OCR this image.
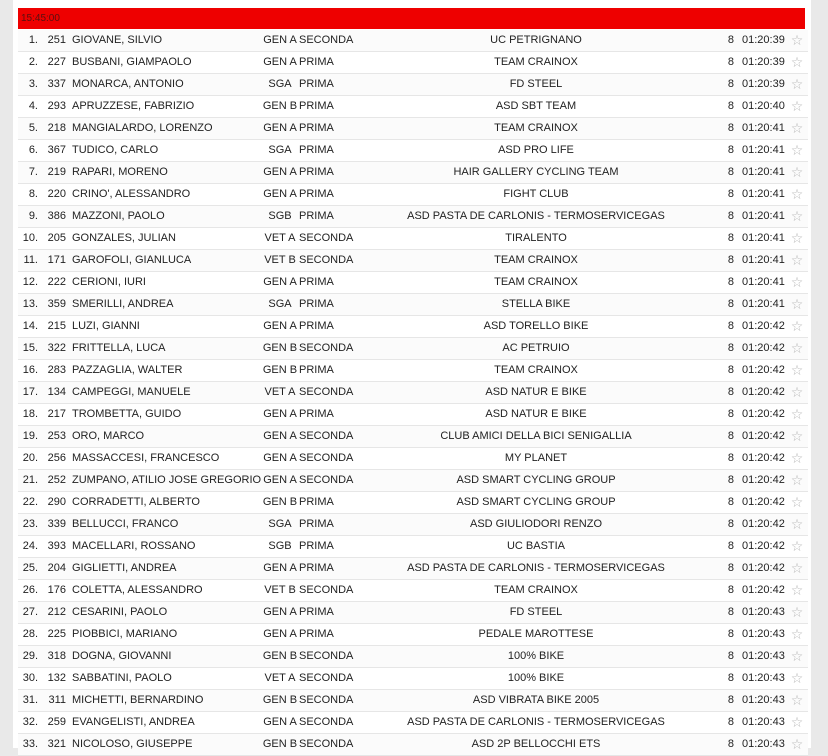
15:45:00
1. 251 GIOVANE, SILVIO	GEN A SECONDA	UC PETRIGNANO	8 01:20:39 ☆
2. 227 BUSBANI, GIAMPAOLO	GEN A PRIMA	TEAM CRAINOX	8 01:20:39 ☆
3. 337 MONARCA, ANTONIO	SGA PRIMA	FD STEEL	8 01:20:39 ☆
4. 293 APRUZZESE, FABRIZIO	GEN B PRIMA	ASD SBT TEAM	8 01:20:40 ☆
5. 218 MANGIALARDO, LORENZO	GEN A PRIMA	TEAM CRAINOX	8 01:20:41 ☆
6. 367 TUDICO, CARLO	SGA PRIMA	ASD PRO LIFE	8 01:20:41 ☆
7. 219 RAPARI, MORENO	GEN A PRIMA	HAIR GALLERY CYCLING TEAM	8 01:20:41 ☆
8. 220 CRINO', ALESSANDRO	GEN A PRIMA	FIGHT CLUB	8 01:20:41 ☆
9. 386 MAZZONI, PAOLO	SGB PRIMA	ASD PASTA DE CARLONIS - TERMOSERVICEGAS	8 01:20:41 ☆
10. 205 GONZALES, JULIAN	VET A SECONDA	TIRALENTO	8 01:20:41 ☆
11. 171 GAROFOLI, GIANLUCA	VET B SECONDA	TEAM CRAINOX	8 01:20:41 ☆
12. 222 CERIONI, IURI	GEN A PRIMA	TEAM CRAINOX	8 01:20:41 ☆
13. 359 SMERILLI, ANDREA	SGA PRIMA	STELLA BIKE	8 01:20:41 ☆
14. 215 LUZI, GIANNI	GEN A PRIMA	ASD TORELLO BIKE	8 01:20:42 ☆
15. 322 FRITTELLA, LUCA	GEN B SECONDA	AC PETRUIO	8 01:20:42 ☆
16. 283 PAZZAGLIA, WALTER	GEN B PRIMA	TEAM CRAINOX	8 01:20:42 ☆
17. 134 CAMPEGGI, MANUELE	VET A SECONDA	ASD NATUR E BIKE	8 01:20:42 ☆
18. 217 TROMBETTA, GUIDO	GEN A PRIMA	ASD NATUR E BIKE	8 01:20:42 ☆
19. 253 ORO, MARCO	GEN A SECONDA	CLUB AMICI DELLA BICI SENIGALLIA	8 01:20:42 ☆
20. 256 MASSACCESI, FRANCESCO	GEN A SECONDA	MY PLANET	8 01:20:42 ☆
21. 252 ZUMPANO, ATILIO JOSE GREGORIO GEN A SECONDA	ASD SMART CYCLING GROUP	8 01:20:42 ☆
22. 290 CORRADETTI, ALBERTO	GEN B PRIMA	ASD SMART CYCLING GROUP	8 01:20:42 ☆
23. 339 BELLUCCI, FRANCO	SGA PRIMA	ASD GIULIODORI RENZO	8 01:20:42 ☆
24. 393 MACELLARI, ROSSANO	SGB PRIMA	UC BASTIA	8 01:20:42 ☆
25. 204 GIGLIETTI, ANDREA	GEN A PRIMA	ASD PASTA DE CARLONIS - TERMOSERVICEGAS	8 01:20:42 ☆
26. 176 COLETTA, ALESSANDRO	VET B SECONDA	TEAM CRAINOX	8 01:20:42 ☆
27. 212 CESARINI, PAOLO	GEN A PRIMA	FD STEEL	8 01:20:43 ☆
28. 225 PIOBBICI, MARIANO	GEN A PRIMA	PEDALE MAROTTESE	8 01:20:43 ☆
29. 318 DOGNA, GIOVANNI	GEN B SECONDA	100% BIKE	8 01:20:43 ☆
30. 132 SABBATINI, PAOLO	VET A SECONDA	100% BIKE	8 01:20:43 ☆
31. 311 MICHETTI, BERNARDINO	GEN B SECONDA	ASD VIBRATA BIKE 2005	8 01:20:43 ☆
32. 259 EVANGELISTI, ANDREA	GEN A SECONDA	ASD PASTA DE CARLONIS - TERMOSERVICEGAS	8 01:20:43 ☆
33. 321 NICOLOSO, GIUSEPPE	GEN B SECONDA	ASD 2P BELLOCCHI ETS	8 01:20:43 ☆
